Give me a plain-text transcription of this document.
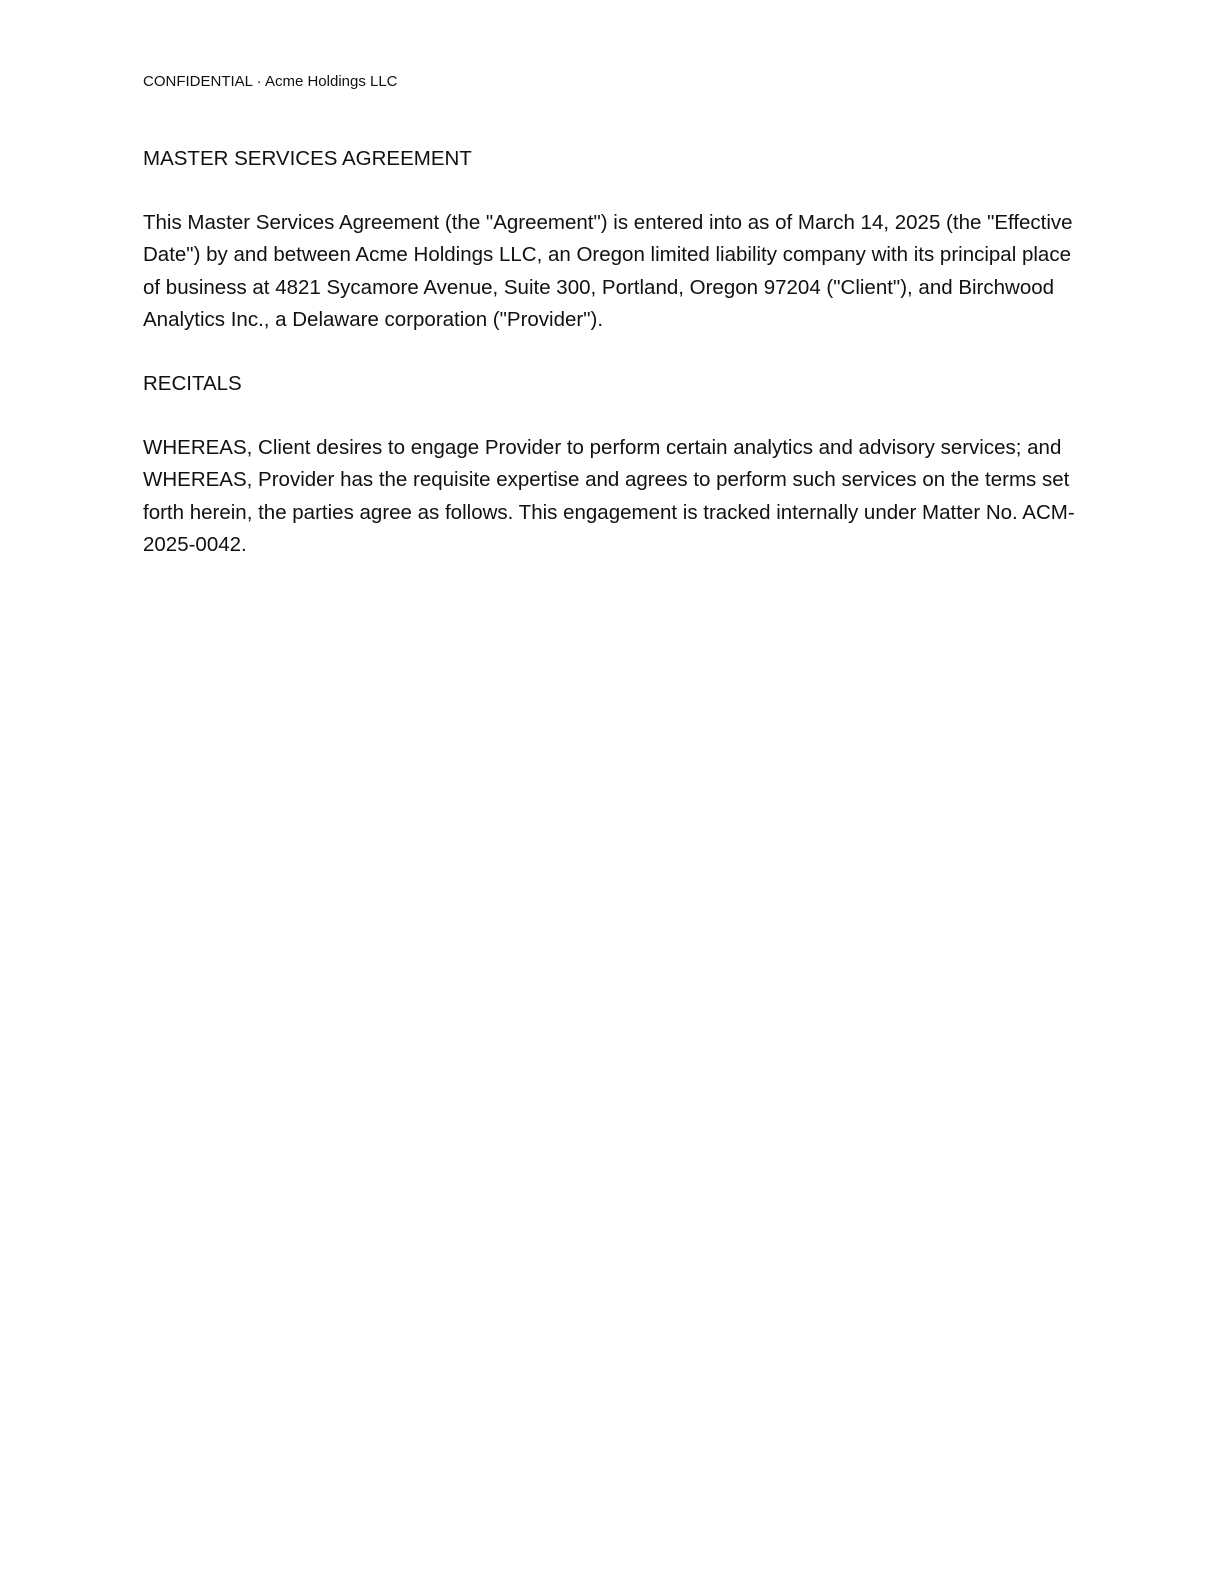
CONFIDENTIAL · Acme Holdings LLC
MASTER SERVICES AGREEMENT

This Master Services Agreement (the "Agreement") is entered into as of March 14, 2025 (the "Effective Date") by and between Acme Holdings LLC, an Oregon limited liability company with its principal place of business at 4821 Sycamore Avenue, Suite 300, Portland, Oregon 97204 ("Client"), and Birchwood Analytics Inc., a Delaware corporation ("Provider").

RECITALS

WHEREAS, Client desires to engage Provider to perform certain analytics and advisory services; and WHEREAS, Provider has the requisite expertise and agrees to perform such services on the terms set forth herein, the parties agree as follows. This engagement is tracked internally under Matter No. ACM-2025-0042.
